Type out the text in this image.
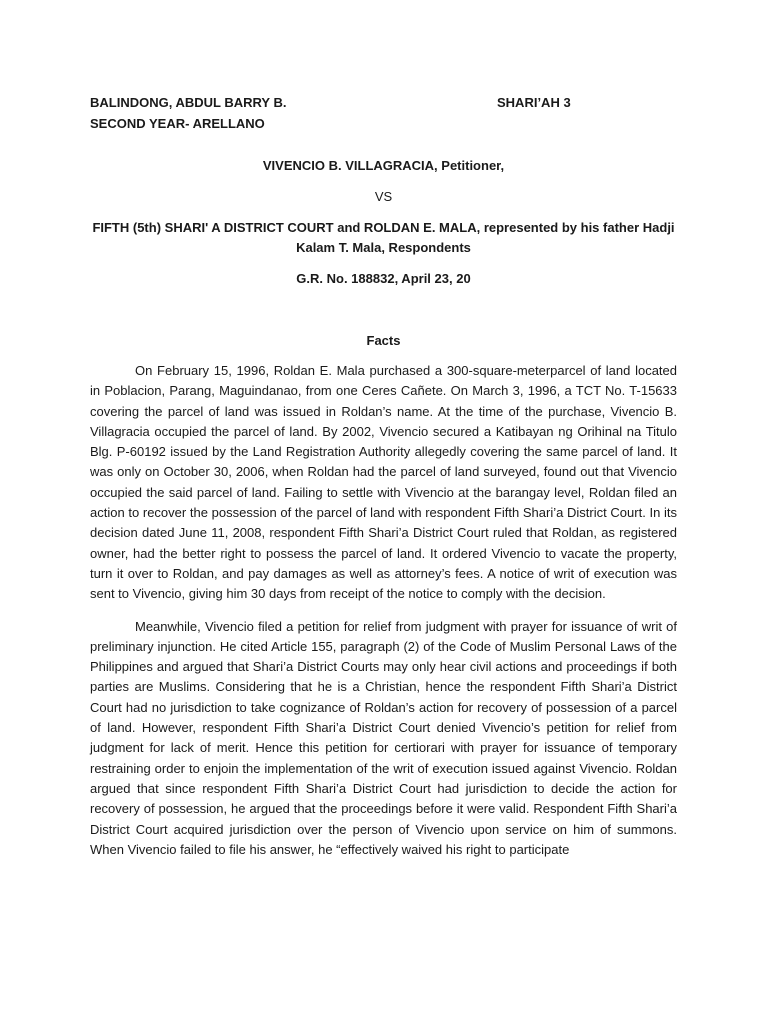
BALINDONG, ABDUL BARRY B.
SECOND YEAR- ARELLANO
SHARI’AH 3
VIVENCIO B. VILLAGRACIA, Petitioner,
VS
FIFTH (5th) SHARI' A DISTRICT COURT and ROLDAN E. MALA, represented by his father Hadji Kalam T. Mala, Respondents
G.R. No. 188832, April 23, 20
Facts

On February 15, 1996, Roldan E. Mala purchased a 300-square-meterparcel of land located in Poblacion, Parang, Maguindanao, from one Ceres Cañete. On March 3, 1996, a TCT No. T-15633 covering the parcel of land was issued in Roldan’s name. At the time of the purchase, Vivencio B. Villagracia occupied the parcel of land. By 2002, Vivencio secured a Katibayan ng Orihinal na Titulo Blg. P-60192 issued by the Land Registration Authority allegedly covering the same parcel of land. It was only on October 30, 2006, when Roldan had the parcel of land surveyed, found out that Vivencio occupied the said parcel of land. Failing to settle with Vivencio at the barangay level, Roldan filed an action to recover the possession of the parcel of land with respondent Fifth Shari’a District Court. In its decision dated June 11, 2008, respondent Fifth Shari’a District Court ruled that Roldan, as registered owner, had the better right to possess the parcel of land. It ordered Vivencio to vacate the property, turn it over to Roldan, and pay damages as well as attorney’s fees. A notice of writ of execution was sent to Vivencio, giving him 30 days from receipt of the notice to comply with the decision.

Meanwhile, Vivencio filed a petition for relief from judgment with prayer for issuance of writ of preliminary injunction. He cited Article 155, paragraph (2) of the Code of Muslim Personal Laws of the Philippines and argued that Shari’a District Courts may only hear civil actions and proceedings if both parties are Muslims. Considering that he is a Christian, hence the respondent Fifth Shari’a District Court had no jurisdiction to take cognizance of Roldan’s action for recovery of possession of a parcel of land. However, respondent Fifth Shari’a District Court denied Vivencio’s petition for relief from judgment for lack of merit. Hence this petition for certiorari with prayer for issuance of temporary restraining order to enjoin the implementation of the writ of execution issued against Vivencio. Roldan argued that since respondent Fifth Shari’a District Court had jurisdiction to decide the action for recovery of possession, he argued that the proceedings before it were valid. Respondent Fifth Shari’a District Court acquired jurisdiction over the person of Vivencio upon service on him of summons. When Vivencio failed to file his answer, he “effectively waived his right to participate
